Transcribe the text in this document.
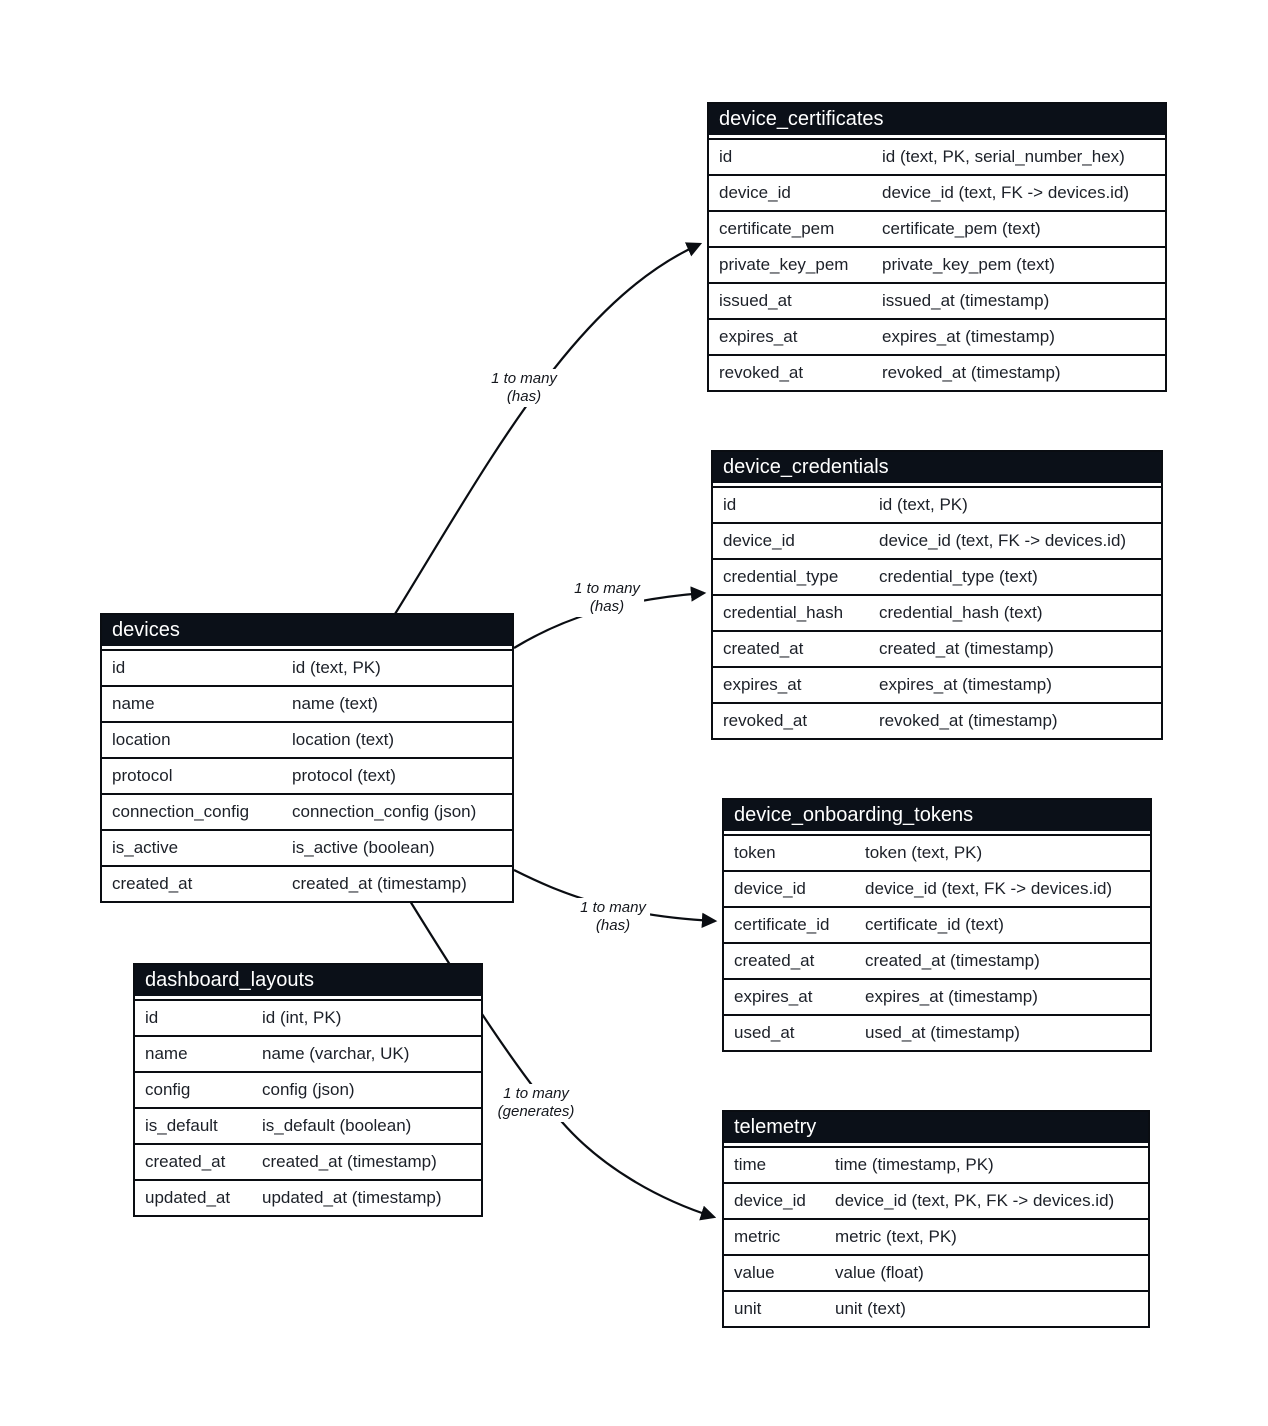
devices
id	id (text, PK)
name	name (text)
location	location (text)
protocol	protocol (text)
connection_config	connection_config (json)
is_active	is_active (boolean)
created_at	created_at (timestamp)
device_certificates
id	id (text, PK, serial_number_hex)
device_id	device_id (text, FK -> devices.id)
certificate_pem	certificate_pem (text)
private_key_pem	private_key_pem (text)
issued_at	issued_at (timestamp)
expires_at	expires_at (timestamp)
revoked_at	revoked_at (timestamp)
device_credentials
id	id (text, PK)
device_id	device_id (text, FK -> devices.id)
credential_type	credential_type (text)
credential_hash	credential_hash (text)
created_at	created_at (timestamp)
expires_at	expires_at (timestamp)
revoked_at	revoked_at (timestamp)
device_onboarding_tokens
token	token (text, PK)
device_id	device_id (text, FK -> devices.id)
certificate_id	certificate_id (text)
created_at	created_at (timestamp)
expires_at	expires_at (timestamp)
used_at	used_at (timestamp)
dashboard_layouts
id	id (int, PK)
name	name (varchar, UK)
config	config (json)
is_default	is_default (boolean)
created_at	created_at (timestamp)
updated_at	updated_at (timestamp)
telemetry
time	time (timestamp, PK)
device_id	device_id (text, PK, FK -> devices.id)
metric	metric (text, PK)
value	value (float)
unit	unit (text)
1 to many
(has)
1 to many
(has)
1 to many
(has)
1 to many
(generates)
